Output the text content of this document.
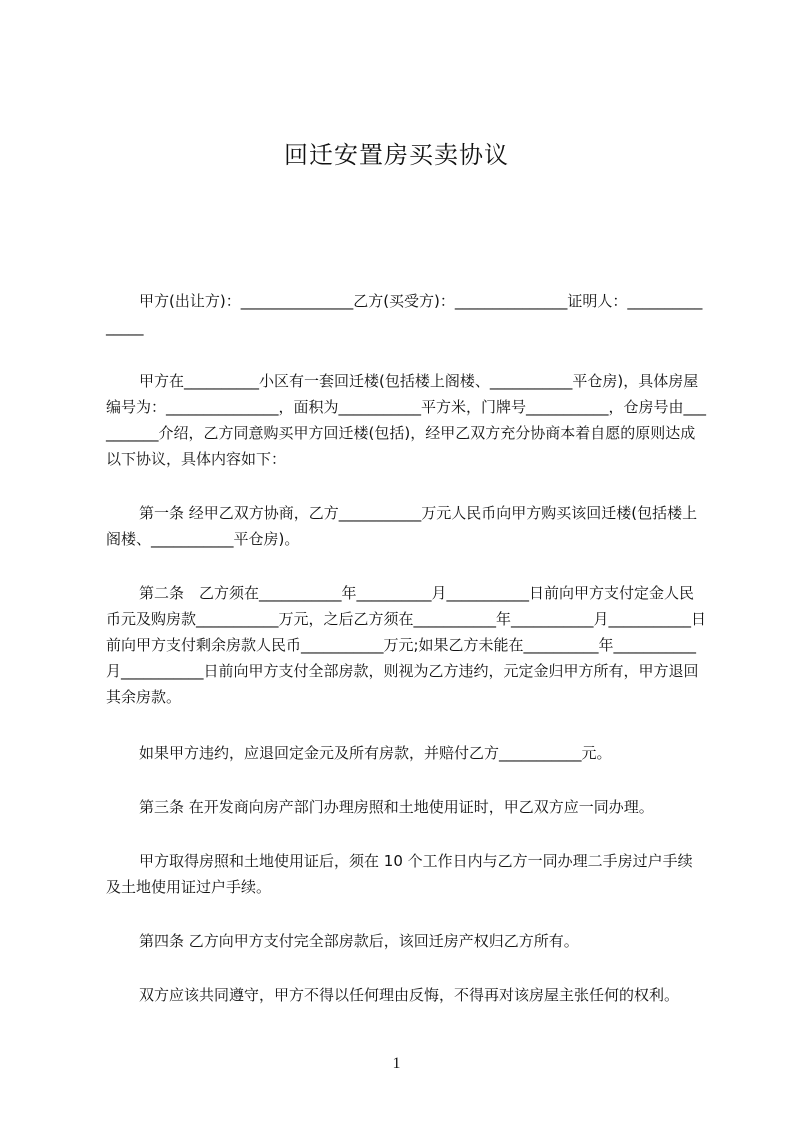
回迁安置房买卖协议

甲方(出让方)：_______________乙方(买受方)：_______________证明人：_______________

甲方在__________小区有一套回迁楼(包括楼上阁楼、___________平仓房)，具体房屋编号为：_______________，面积为___________平方米，门牌号___________，仓房号由__________介绍，乙方同意购买甲方回迁楼(包括)，经甲乙双方充分协商本着自愿的原则达成以下协议，具体内容如下：

第一条 经甲乙双方协商，乙方___________万元人民币向甲方购买该回迁楼(包括楼上阁楼、___________平仓房)。

第二条　乙方须在___________年__________月___________日前向甲方支付定金人民币元及购房款___________万元，之后乙方须在___________年___________月___________日前向甲方支付剩余房款人民币___________万元;如果乙方未能在__________年___________月___________日前向甲方支付全部房款，则视为乙方违约，元定金归甲方所有，甲方退回其余房款。

如果甲方违约，应退回定金元及所有房款，并赔付乙方___________元。

第三条 在开发商向房产部门办理房照和土地使用证时，甲乙双方应一同办理。

甲方取得房照和土地使用证后，须在 10 个工作日内与乙方一同办理二手房过户手续及土地使用证过户手续。

第四条 乙方向甲方支付完全部房款后，该回迁房产权归乙方所有。

双方应该共同遵守，甲方不得以任何理由反悔，不得再对该房屋主张任何的权利。

1
